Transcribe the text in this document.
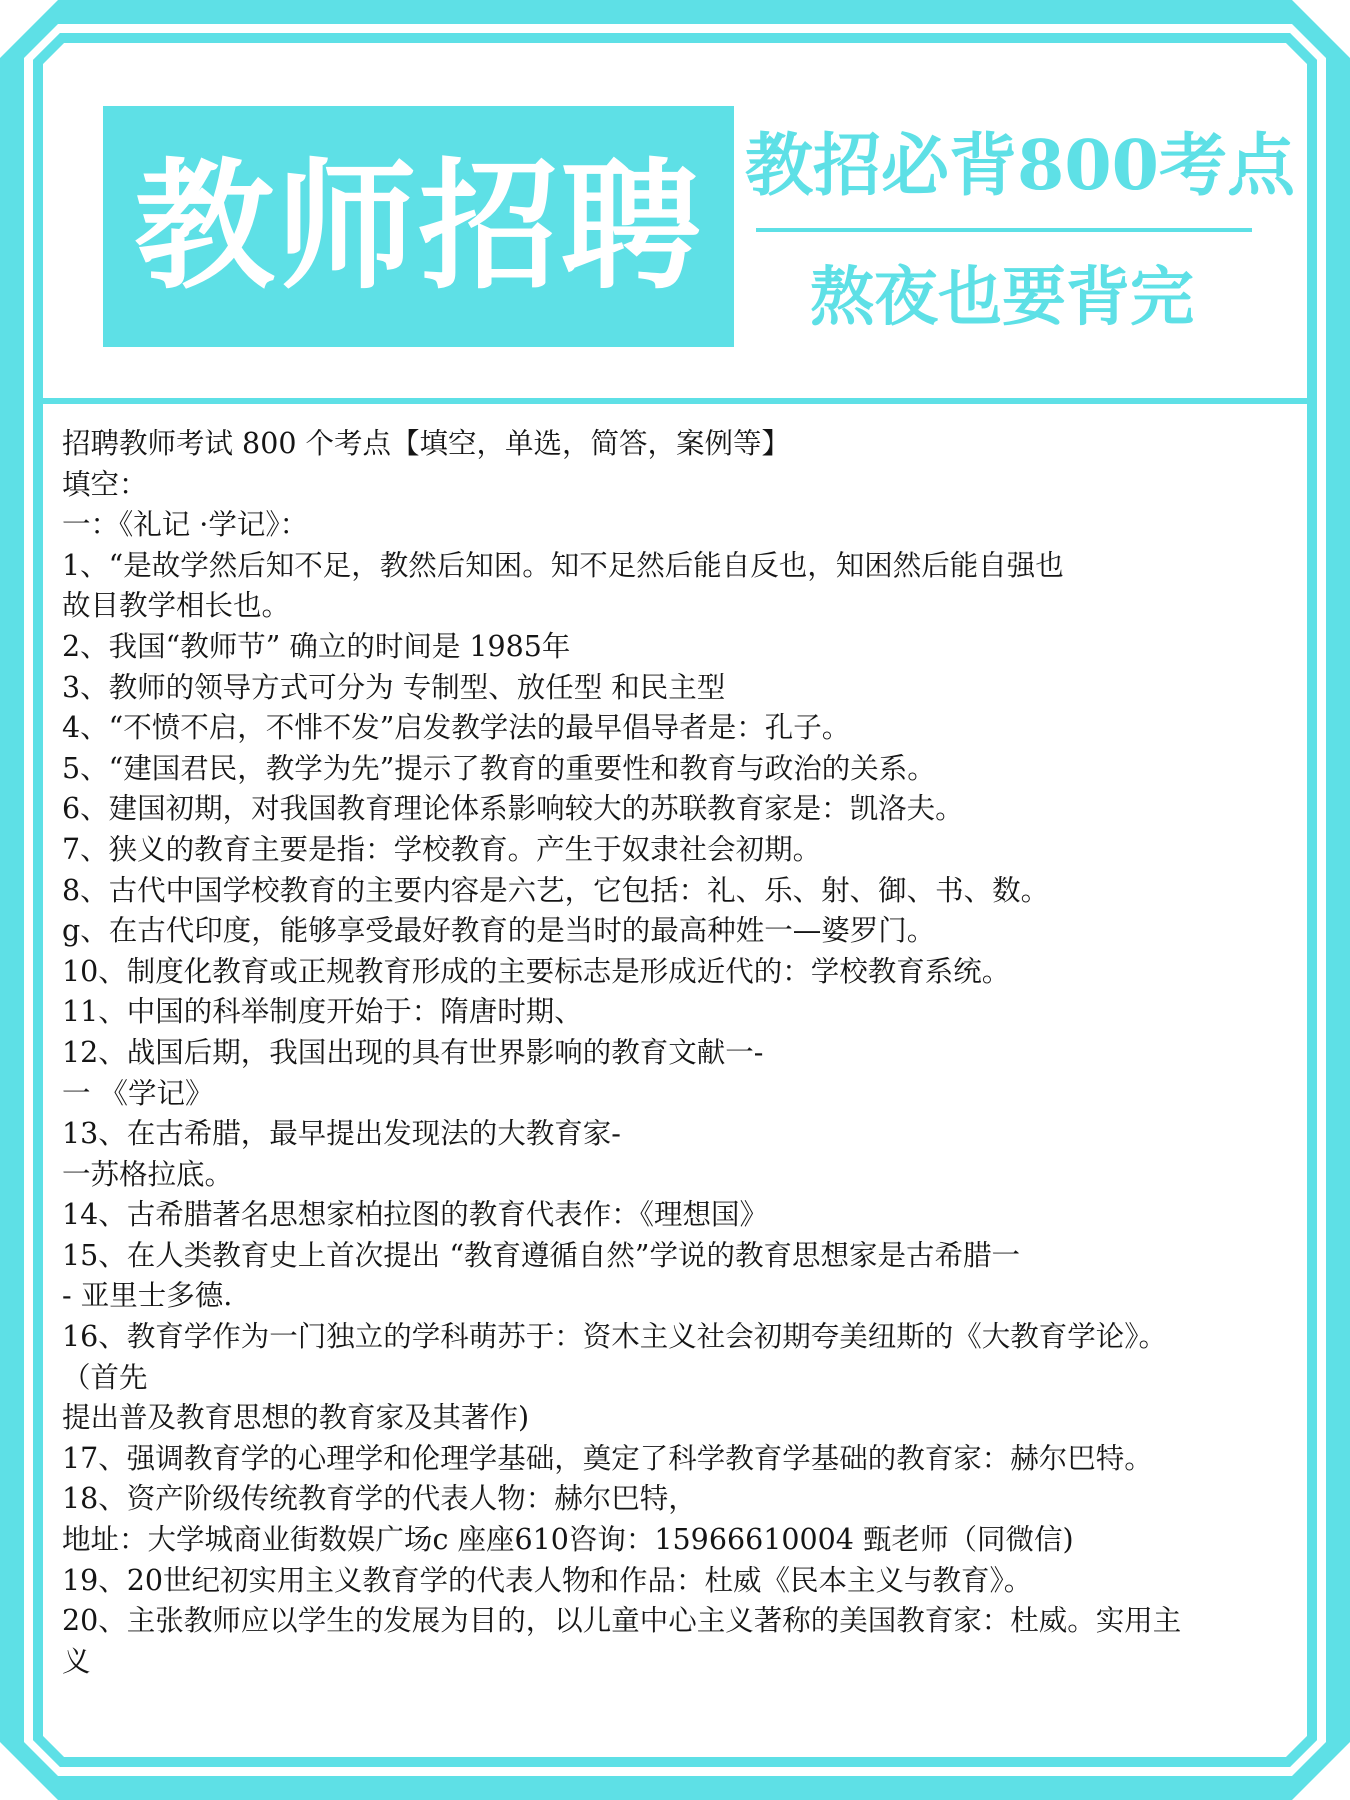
教师招聘 教招必背800考点
熬夜也要背完
招聘教师考试 800 个考点【填空，单选，简答，案例等】
填空：
一：《礼记 ·学记》：
1、“是故学然后知不足，教然后知困。知不足然后能自反也，知困然后能自强也
故目教学相长也。
2、我国“教师节” 确立的时间是 1985年
3、教师的领导方式可分为 专制型、放任型 和民主型
4、“不愤不启，不悱不发”启发教学法的最早倡导者是：孔子。
5、“建国君民，教学为先”提示了教育的重要性和教育与政治的关系。
6、建国初期，对我国教育理论体系影响较大的苏联教育家是：凯洛夫。
7、狭义的教育主要是指：学校教育。产生于奴隶社会初期。
8、古代中国学校教育的主要内容是六艺，它包括：礼、乐、射、御、书、数。
g、在古代印度，能够享受最好教育的是当时的最高种姓一—婆罗门。
10、制度化教育或正规教育形成的主要标志是形成近代的：学校教育系统。
11、中国的科举制度开始于：隋唐时期、
12、战国后期，我国出现的具有世界影响的教育文献一-
一 《学记》
13、在古希腊，最早提出发现法的大教育家-
一苏格拉底。
14、古希腊著名思想家柏拉图的教育代表作：《理想国》
15、在人类教育史上首次提出 “教育遵循自然”学说的教育思想家是古希腊一
- 亚里士多德.
16、教育学作为一门独立的学科萌苏于：资木主义社会初期夸美纽斯的《大教育学论》。
（首先
提出普及教育思想的教育家及其著作)
17、强调教育学的心理学和伦理学基础，奠定了科学教育学基础的教育家：赫尔巴特。
18、资产阶级传统教育学的代表人物：赫尔巴特，
地址：大学城商业街数娱广场c 座座610咨询：15966610004 甄老师（同微信)
19、20世纪初实用主义教育学的代表人物和作品：杜威《民本主义与教育》。
20、主张教师应以学生的发展为目的，以儿童中心主义著称的美国教育家：杜威。实用主
义
